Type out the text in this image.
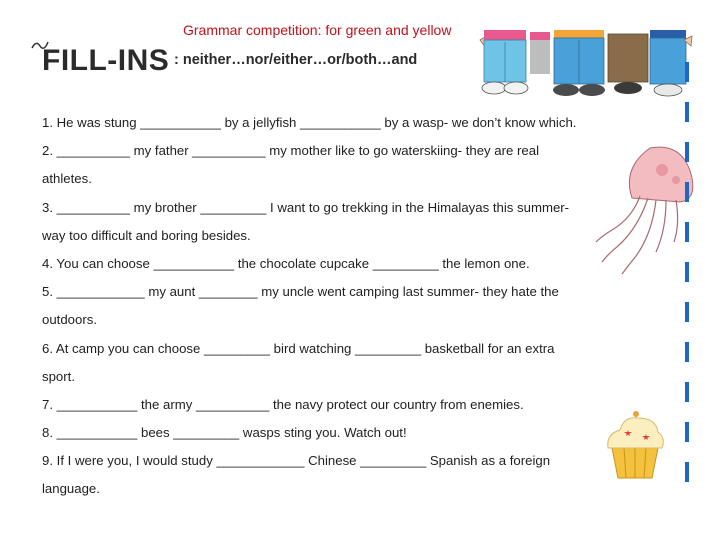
Grammar competition: for green and yellow
FILL-INS : neither…nor/either…or/both…and
1. He was stung ___________ by a jellyfish ___________ by a wasp- we don’t know which.
2. __________ my father __________ my mother like to go waterskiing- they are real
athletes.
3. __________ my brother _________ I want to go trekking in the Himalayas this summer-
way too difficult and boring besides.
4. You can choose ___________ the chocolate cupcake _________ the lemon one.
5. ____________ my aunt ________ my uncle went camping last summer- they hate the
outdoors.
6. At camp you can choose _________ bird watching _________ basketball for an extra
sport.
7. ___________ the army __________ the navy protect our country from enemies.
8. ___________ bees _________ wasps sting you. Watch out!
9. If I were you, I would study ____________ Chinese _________ Spanish as a foreign
language.
